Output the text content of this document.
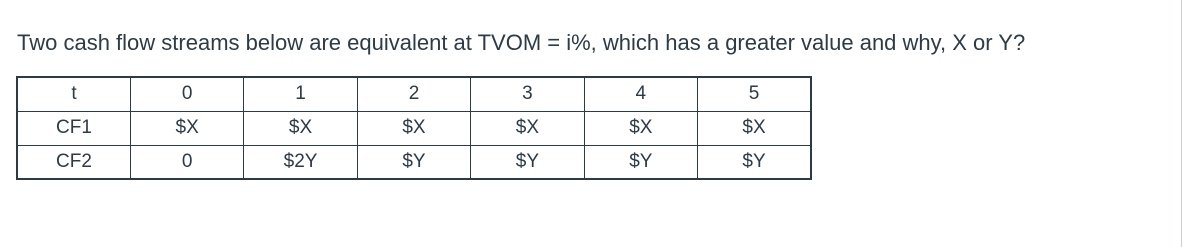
Two cash flow streams below are equivalent at TVOM = i%, which has a greater value and why, X or Y?
t	0	1	2	3	4	5
CF1	$X	$X	$X	$X	$X	$X
CF2	0	$2Y	$Y	$Y	$Y	$Y
